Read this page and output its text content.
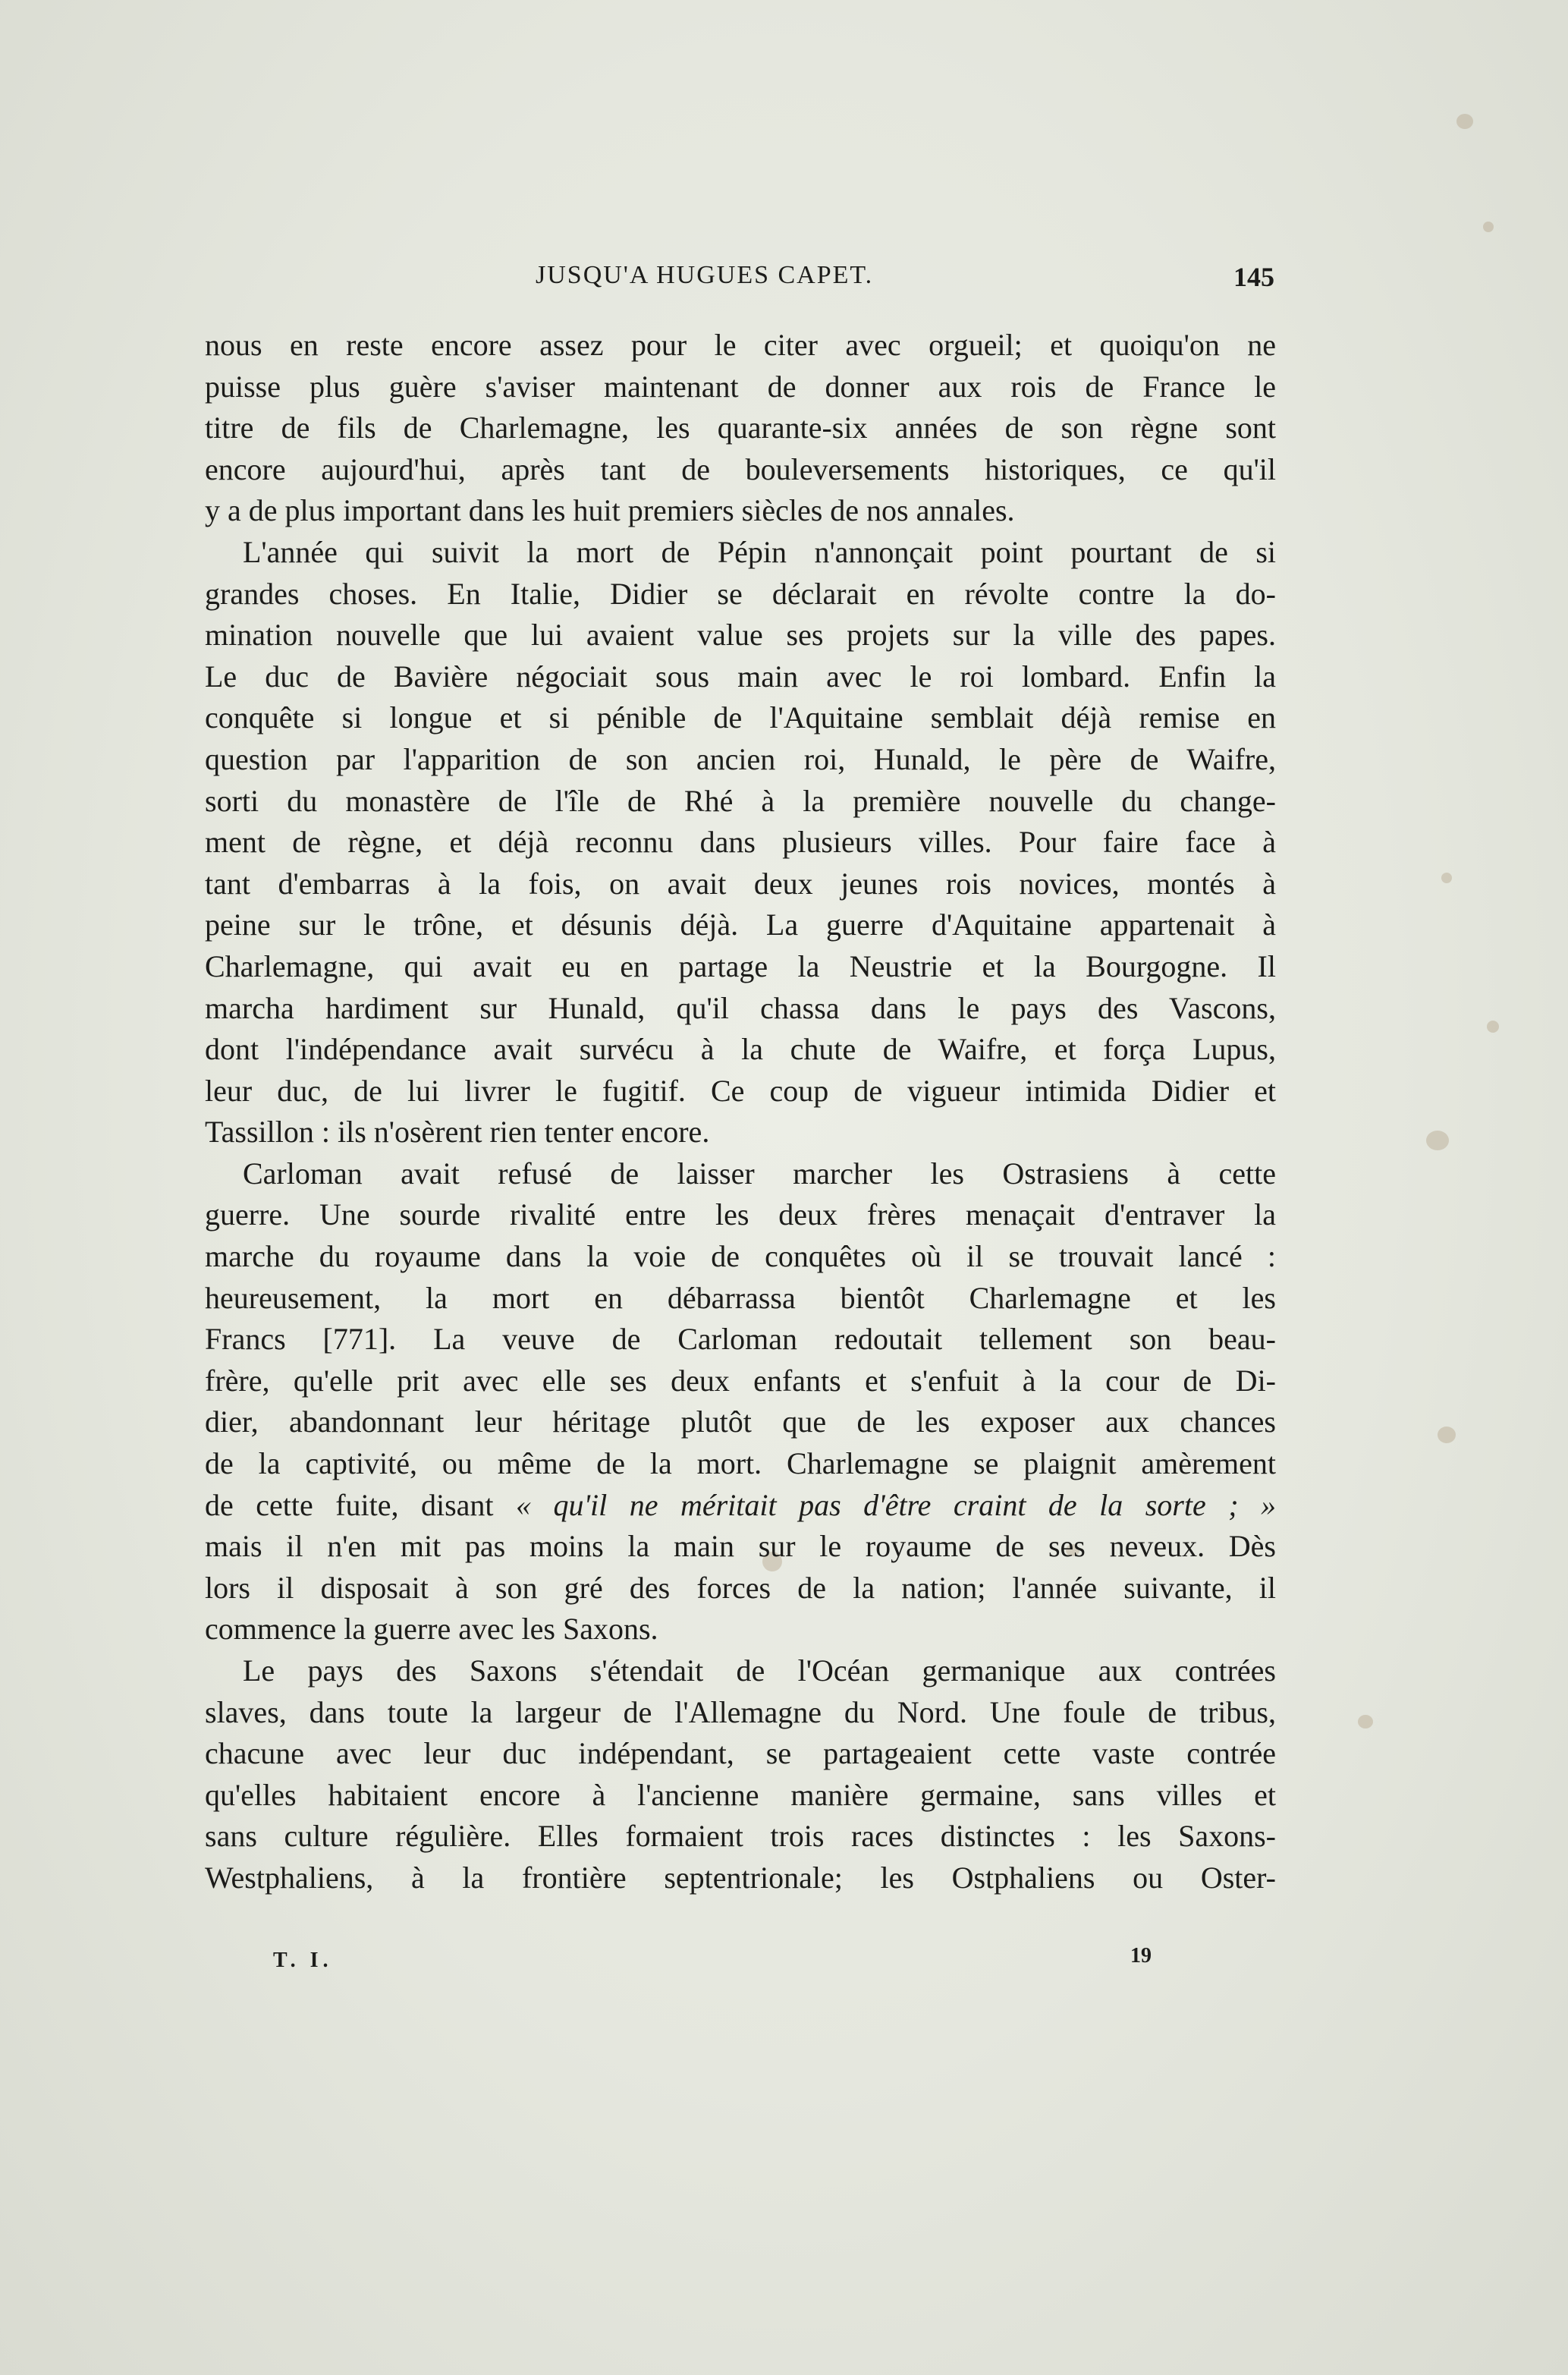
JUSQU'A HUGUES CAPET.	145
nous en reste encore assez pour le citer avec orgueil; et quoiqu'on ne
puisse plus guère s'aviser maintenant de donner aux rois de France le
titre de fils de Charlemagne, les quarante-six années de son règne sont
encore aujourd'hui, après tant de bouleversements historiques, ce qu'il
y a de plus important dans les huit premiers siècles de nos annales.
L'année qui suivit la mort de Pépin n'annonçait point pourtant de si
grandes choses. En Italie, Didier se déclarait en révolte contre la do-
mination nouvelle que lui avaient value ses projets sur la ville des papes.
Le duc de Bavière négociait sous main avec le roi lombard. Enfin la
conquête si longue et si pénible de l'Aquitaine semblait déjà remise en
question par l'apparition de son ancien roi, Hunald, le père de Waifre,
sorti du monastère de l'île de Rhé à la première nouvelle du change-
ment de règne, et déjà reconnu dans plusieurs villes. Pour faire face à
tant d'embarras à la fois, on avait deux jeunes rois novices, montés à
peine sur le trône, et désunis déjà. La guerre d'Aquitaine appartenait à
Charlemagne, qui avait eu en partage la Neustrie et la Bourgogne. Il
marcha hardiment sur Hunald, qu'il chassa dans le pays des Vascons,
dont l'indépendance avait survécu à la chute de Waifre, et força Lupus,
leur duc, de lui livrer le fugitif. Ce coup de vigueur intimida Didier et
Tassillon : ils n'osèrent rien tenter encore.
Carloman avait refusé de laisser marcher les Ostrasiens à cette
guerre. Une sourde rivalité entre les deux frères menaçait d'entraver la
marche du royaume dans la voie de conquêtes où il se trouvait lancé :
heureusement, la mort en débarrassa bientôt Charlemagne et les
Francs [771]. La veuve de Carloman redoutait tellement son beau-
frère, qu'elle prit avec elle ses deux enfants et s'enfuit à la cour de Di-
dier, abandonnant leur héritage plutôt que de les exposer aux chances
de la captivité, ou même de la mort. Charlemagne se plaignit amèrement
de cette fuite, disant « qu'il ne méritait pas d'être craint de la sorte ; »
mais il n'en mit pas moins la main sur le royaume de ses neveux. Dès
lors il disposait à son gré des forces de la nation; l'année suivante, il
commence la guerre avec les Saxons.
Le pays des Saxons s'étendait de l'Océan germanique aux contrées
slaves, dans toute la largeur de l'Allemagne du Nord. Une foule de tribus,
chacune avec leur duc indépendant, se partageaient cette vaste contrée
qu'elles habitaient encore à l'ancienne manière germaine, sans villes et
sans culture régulière. Elles formaient trois races distinctes : les Saxons-
Westphaliens, à la frontière septentrionale; les Ostphaliens ou Oster-
T. I.	19
